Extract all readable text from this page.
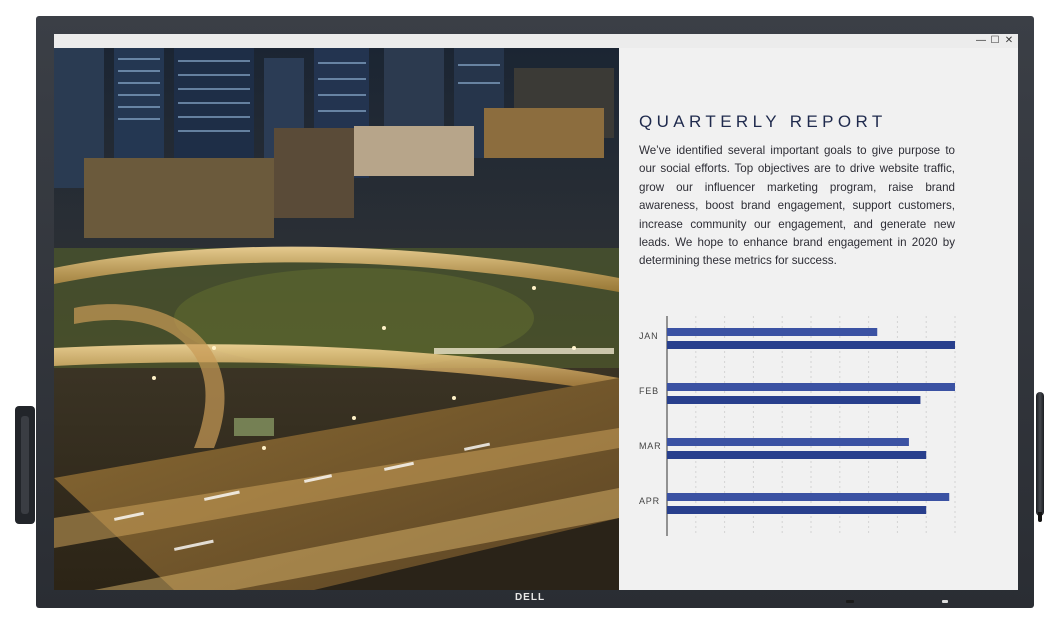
DELL
— ☐ ✕
QUARTERLY REPORT
We’ve identified several important goals to give purpose to our social efforts. Top objectives are to drive website traffic, grow our influencer marketing program, raise brand awareness, boost brand engagement, support customers, increase community our engagement, and generate new leads. We hope to enhance brand engagement in 2020 by determining these metrics for success.
JAN
FEB
MAR
APR
